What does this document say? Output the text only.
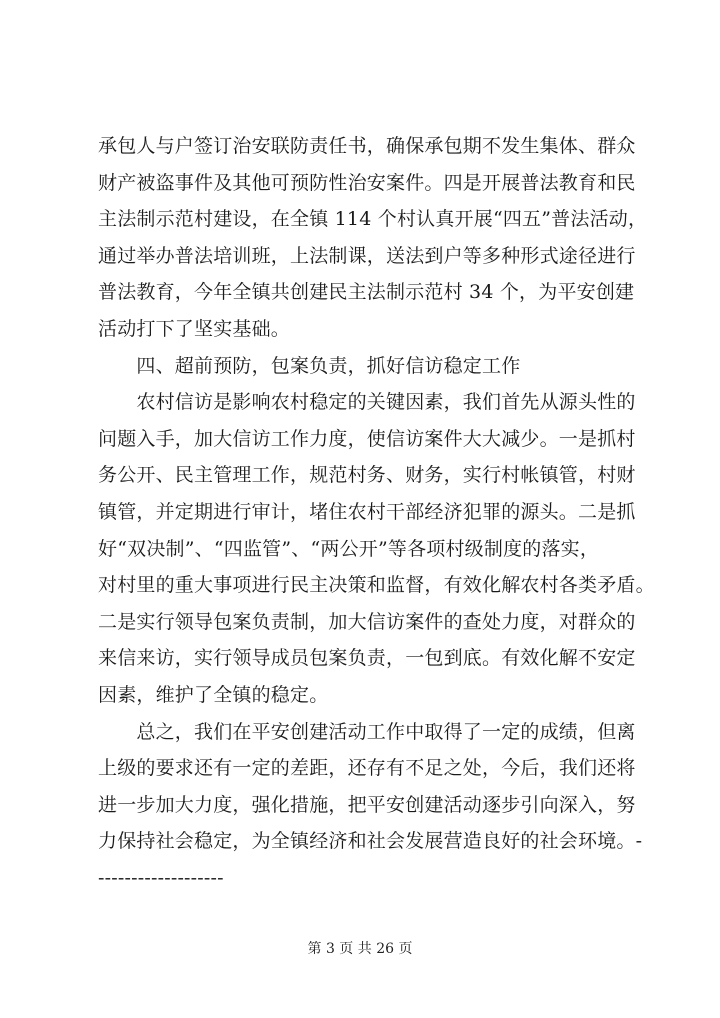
承包人与户签订治安联防责任书，确保承包期不发生集体、群众
财产被盗事件及其他可预防性治安案件。四是开展普法教育和民
主法制示范村建设，在全镇 114 个村认真开展“四五”普法活动，
通过举办普法培训班，上法制课，送法到户等多种形式途径进行
普法教育，今年全镇共创建民主法制示范村 34 个，为平安创建
活动打下了坚实基础。
　　四、超前预防，包案负责，抓好信访稳定工作
　　农村信访是影响农村稳定的关键因素，我们首先从源头性的
问题入手，加大信访工作力度，使信访案件大大减少。一是抓村
务公开、民主管理工作，规范村务、财务，实行村帐镇管，村财
镇管，并定期进行审计，堵住农村干部经济犯罪的源头。二是抓
好“双决制”、“四监管”、“两公开”等各项村级制度的落实，
对村里的重大事项进行民主决策和监督，有效化解农村各类矛盾。
二是实行领导包案负责制，加大信访案件的查处力度，对群众的
来信来访，实行领导成员包案负责，一包到底。有效化解不安定
因素，维护了全镇的稳定。
　　总之，我们在平安创建活动工作中取得了一定的成绩，但离
上级的要求还有一定的差距，还存有不足之处，今后，我们还将
进一步加大力度，强化措施，把平安创建活动逐步引向深入，努
力保持社会稳定，为全镇经济和社会发展营造良好的社会环境。-
-------------------
第 3 页 共 26 页
